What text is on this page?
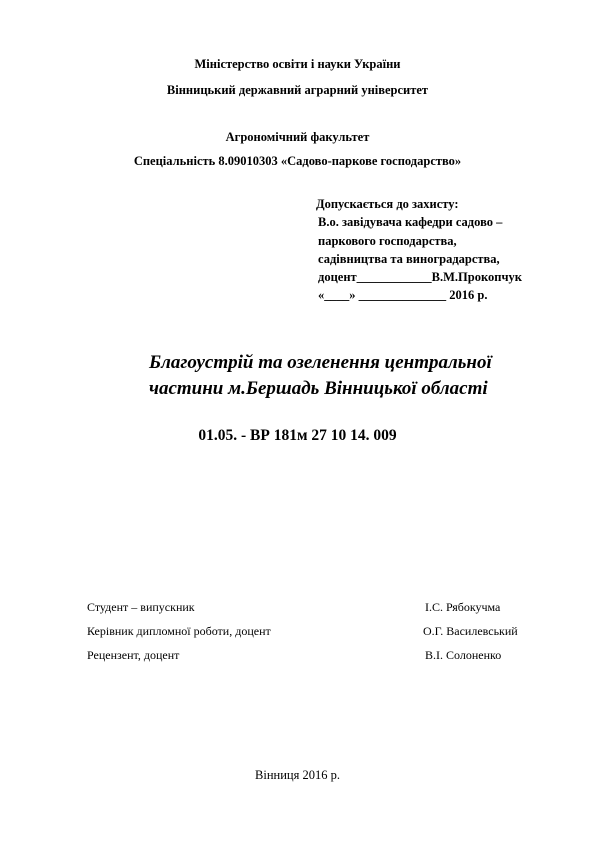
Міністерство освіти і науки України
Вінницький державний аграрний університет
Агрономічний факультет
Спеціальність 8.09010303 «Садово-паркове господарство»
Допускається до захисту:
В.о. завідувача кафедри садово –
паркового господарства,
садівництва та виноградарства,
доцент____________В.М.Прокопчук
«____» ______________ 2016 р.
Благоустрій та озеленення центральної
частини м.Бершадь Вінницької області
01.05. - ВР 181м 27 10 14. 009
Студент – випускник	І.С. Рябокучма
Керівник дипломної роботи, доцент	О.Г. Василевський
Рецензент, доцент	В.І. Солоненко
Вінниця 2016 р.
